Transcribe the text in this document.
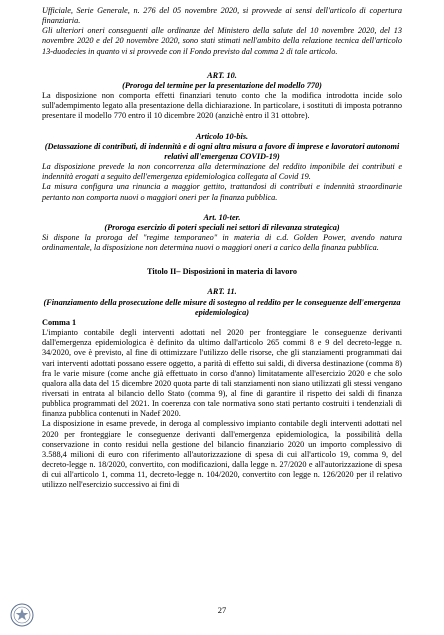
Ufficiale, Serie Generale, n. 276 del 05 novembre 2020, si provvede ai sensi dell'articolo di copertura finanziaria.

Gli ulteriori oneri conseguenti alle ordinanze del Ministero della salute del 10 novembre 2020, del 13 novembre 2020 e del 20 novembre 2020, sono stati stimati nell'ambito della relazione tecnica dell'articolo 13-duodecies in quanto vi si provvede con il Fondo previsto dal comma 2 di tale articolo.

ART. 10.

(Proroga del termine per la presentazione del modello 770)

La disposizione non comporta effetti finanziari tenuto conto che la modifica introdotta incide solo sull'adempimento legato alla presentazione della dichiarazione. In particolare, i sostituti di imposta potranno presentare il modello 770 entro il 10 dicembre 2020 (anzichè entro il 31 ottobre).

Articolo 10-bis.

(Detassazione di contributi, di indennità e di ogni altra misura a favore di imprese e lavoratori autonomi relativi all'emergenza COVID-19)

La disposizione prevede la non concorrenza alla determinazione del reddito imponibile dei contributi e indennità erogati a seguito dell'emergenza epidemiologica collegata al Covid 19.

La misura configura una rinuncia a maggior gettito, trattandosi di contributi e indennità straordinarie pertanto non comporta nuovi o maggiori oneri per la finanza pubblica.

Art. 10-ter.

(Proroga esercizio di poteri speciali nei settori di rilevanza strategica)

Si dispone la proroga del "regime temporaneo" in materia di c.d. Golden Power, avendo natura ordinamentale, la disposizione non determina nuovi o maggiori oneri a carico della finanza pubblica.

Titolo II– Disposizioni in materia di lavoro

ART. 11.

(Finanziamento della prosecuzione delle misure di sostegno al reddito per le conseguenze dell'emergenza epidemiologica)

Comma 1

L'impianto contabile degli interventi adottati nel 2020 per fronteggiare le conseguenze derivanti dall'emergenza epidemiologica è definito da ultimo dall'articolo 265 commi 8 e 9 del decreto-legge n. 34/2020, ove è previsto, al fine di ottimizzare l'utilizzo delle risorse, che gli stanziamenti programmati dai vari interventi adottati possano essere oggetto, a parità di effetto sui saldi, di diversa destinazione (comma 8) fra le varie misure (come anche già effettuato in corso d'anno) limitatamente all'esercizio 2020 e che solo qualora alla data del 15 dicembre 2020 quota parte di tali stanziamenti non siano utilizzati gli stessi vengano riversati in entrata al bilancio dello Stato (comma 9), al fine di garantire il rispetto dei saldi di finanza pubblica programmati del 2021. In coerenza con tale normativa sono stati pertanto costruiti i tendenziali di finanza pubblica contenuti in Nadef 2020.

La disposizione in esame prevede, in deroga al complessivo impianto contabile degli interventi adottati nel 2020 per fronteggiare le conseguenze derivanti dall'emergenza epidemiologica, la possibilità della conservazione in conto residui nella gestione del bilancio finanziario 2020 un importo complessivo di 3.588,4 milioni di euro con riferimento all'autorizzazione di spesa di cui all'articolo 19, comma 9, del decreto-legge n. 18/2020, convertito, con modificazioni, dalla legge n. 27/2020 e all'autorizzazione di spesa di cui all'articolo 1, comma 11, decreto-legge n. 104/2020, convertito con legge n. 126/2020 per il relativo utilizzo nell'esercizio successivo ai fini di

27
